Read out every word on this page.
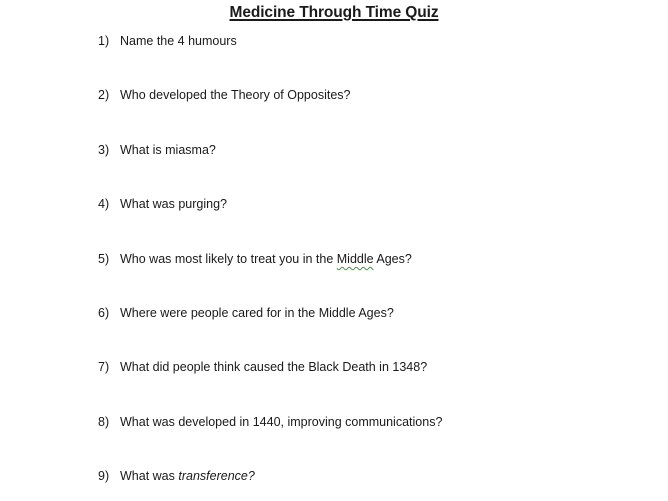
Medicine Through Time Quiz
1) Name the 4 humours
2) Who developed the Theory of Opposites?
3) What is miasma?
4) What was purging?
5) Who was most likely to treat you in the Middle Ages?
6) Where were people cared for in the Middle Ages?
7) What did people think caused the Black Death in 1348?
8) What was developed in 1440, improving communications?
9) What was transference?
